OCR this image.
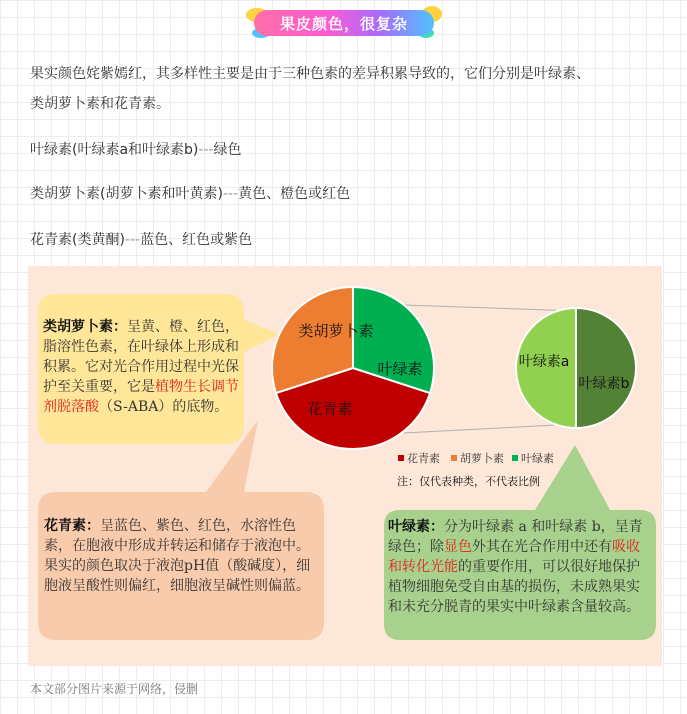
果皮颜色，很复杂
果实颜色姹紫嫣红，其多样性主要是由于三种色素的差异积累导致的，它们分别是叶绿素、
类胡萝卜素和花青素。
叶绿素(叶绿素a和叶绿素b)---绿色
类胡萝卜素(胡萝卜素和叶黄素)---黄色、橙色或红色
花青素(类黄酮)---蓝色、红色或紫色
花青素
类胡萝卜素
叶绿素	叶绿素a
叶绿素b
花青素 胡萝卜素 叶绿素
注：仅代表种类，不代表比例
类胡萝卜素：呈黄、橙、红色，脂溶性色素，在叶绿体上形成和积累。它对光合作用过程中光保护至关重要，它是植物生长调节剂脱落酸（S-ABA）的底物。
花青素：呈蓝色、紫色、红色，水溶性色素，在胞液中形成并转运和储存于液泡中。果实的颜色取决于液泡pH值（酸碱度），细胞液呈酸性则偏红，细胞液呈碱性则偏蓝。
叶绿素：分为叶绿素 a 和叶绿素 b，呈青绿色；除显色外其在光合作用中还有吸收和转化光能的重要作用，可以很好地保护植物细胞免受自由基的损伤，未成熟果实和未充分脱青的果实中叶绿素含量较高。
本文部分图片来源于网络，侵删
